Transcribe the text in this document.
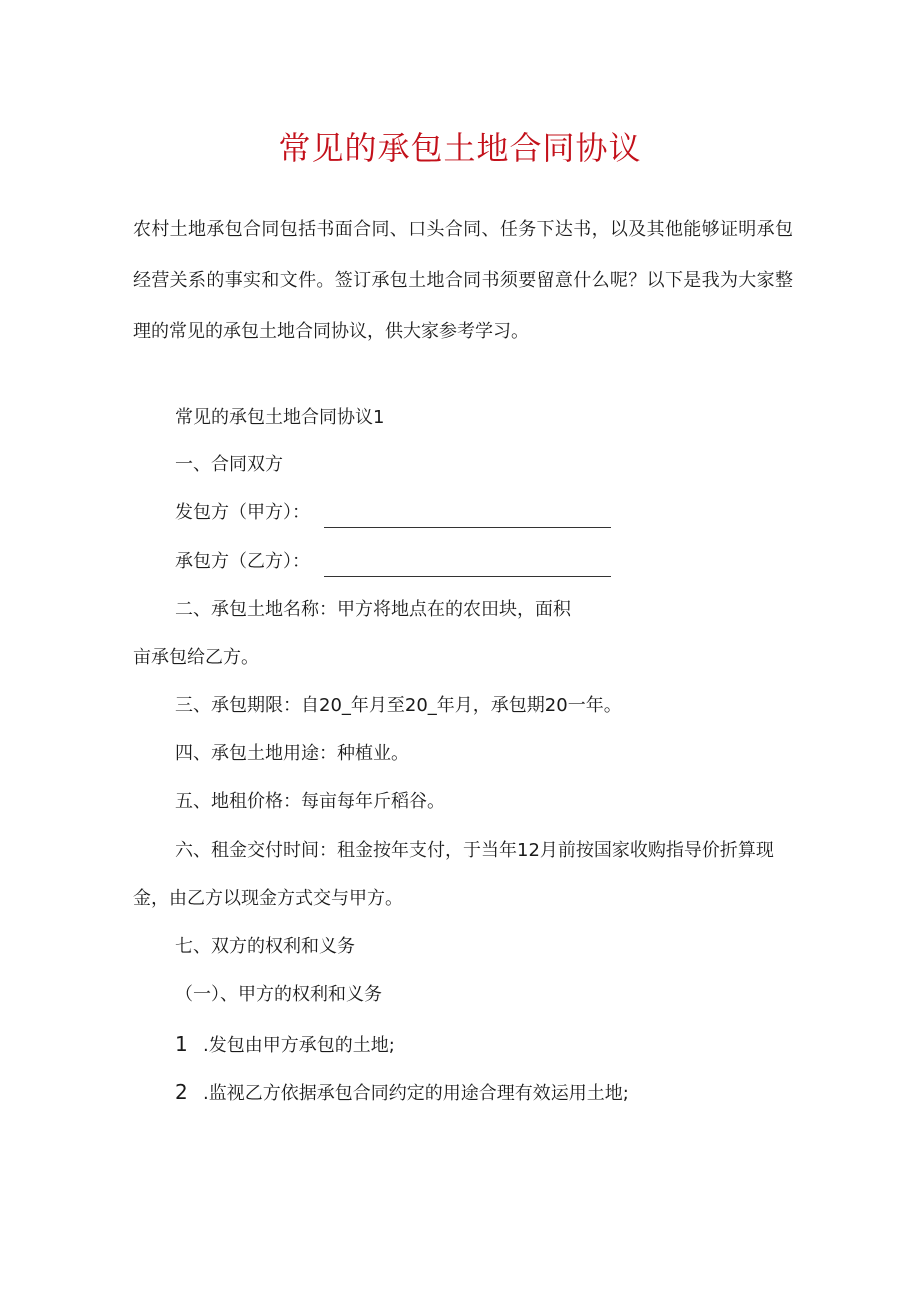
常见的承包土地合同协议
农村土地承包合同包括书面合同、口头合同、任务下达书，以及其他能够证明承包经营关系的事实和文件。签订承包土地合同书须要留意什么呢？以下是我为大家整理的常见的承包土地合同协议，供大家参考学习。
常见的承包土地合同协议1
一、合同双方
发包方（甲方）：
承包方（乙方）：
二、承包土地名称：甲方将地点在的农田块，面积
亩承包给乙方。
三、承包期限：自20_年月至20_年月，承包期20一年。
四、承包土地用途：种植业。
五、地租价格：每亩每年斤稻谷。
六、租金交付时间：租金按年支付，于当年12月前按国家收购指导价折算现
金，由乙方以现金方式交与甲方。
七、双方的权利和义务
（一）、甲方的权利和义务
1 .发包由甲方承包的土地;
2 .监视乙方依据承包合同约定的用途合理有效运用土地;
